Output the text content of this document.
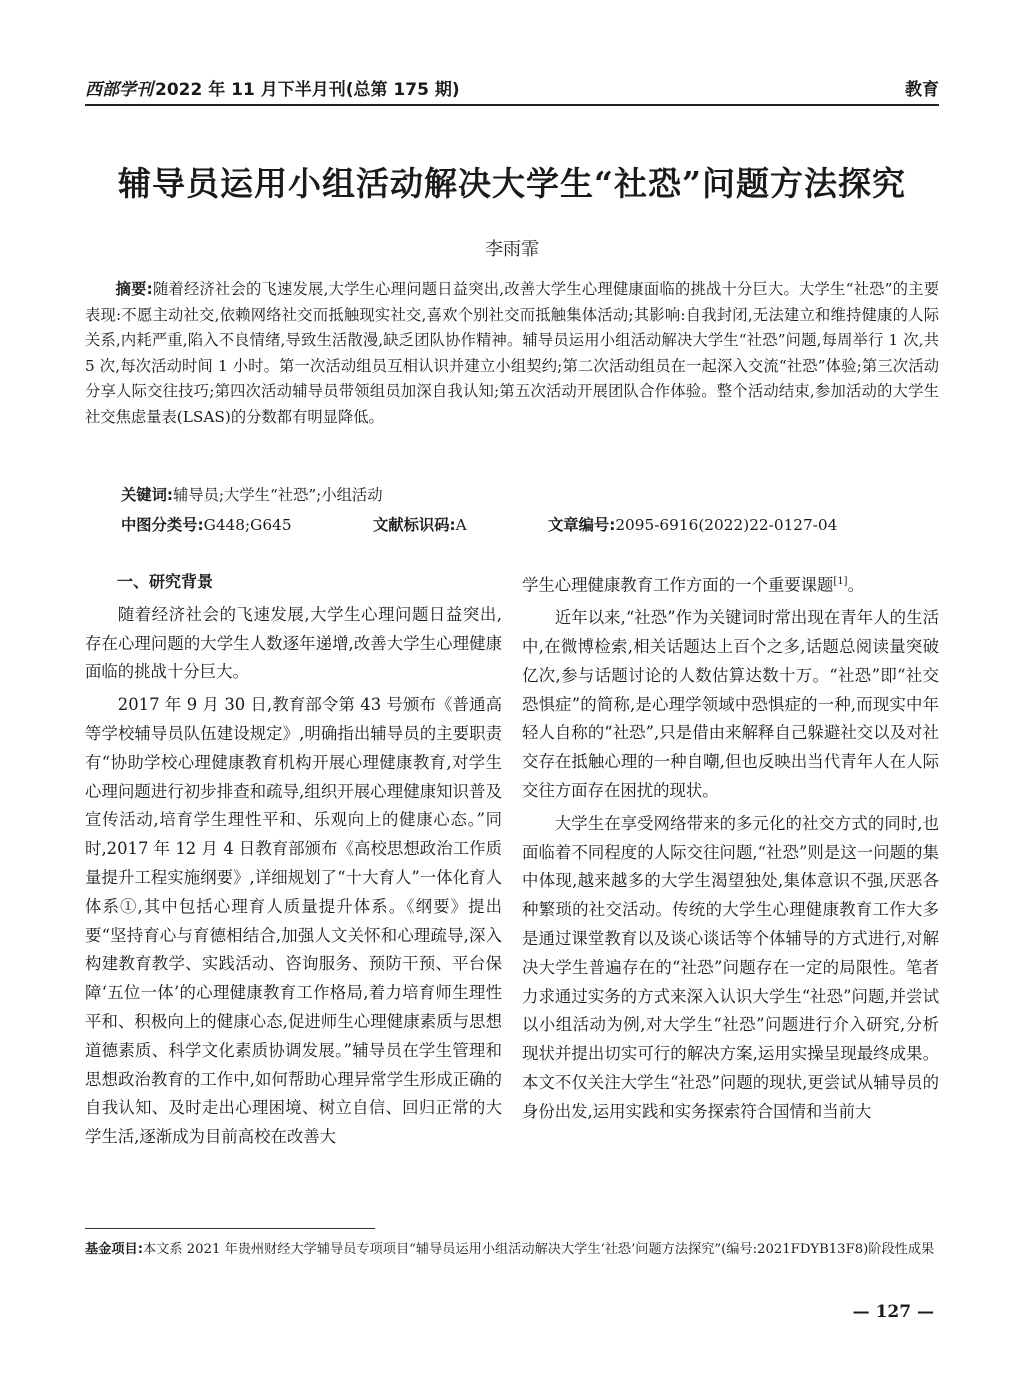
西部学刊 2022 年 11 月下半月刊(总第 175 期)	教育
辅导员运用小组活动解决大学生“社恐”问题方法探究
李雨霏
摘要:随着经济社会的飞速发展,大学生心理问题日益突出,改善大学生心理健康面临的挑战十分巨大。大学生“社恐”的主要表现:不愿主动社交,依赖网络社交而抵触现实社交,喜欢个别社交而抵触集体活动;其影响:自我封闭,无法建立和维持健康的人际关系,内耗严重,陷入不良情绪,导致生活散漫,缺乏团队协作精神。辅导员运用小组活动解决大学生“社恐”问题,每周举行 1 次,共 5 次,每次活动时间 1 小时。第一次活动组员互相认识并建立小组契约;第二次活动组员在一起深入交流“社恐”体验;第三次活动分享人际交往技巧;第四次活动辅导员带领组员加深自我认知;第五次活动开展团队合作体验。整个活动结束,参加活动的大学生社交焦虑量表(LSAS)的分数都有明显降低。
关键词:辅导员;大学生“社恐”;小组活动
中图分类号:G448;G645	文献标识码:A	文章编号:2095-6916(2022)22-0127-04
一、研究背景

随着经济社会的飞速发展,大学生心理问题日益突出,存在心理问题的大学生人数逐年递增,改善大学生心理健康面临的挑战十分巨大。

2017 年 9 月 30 日,教育部令第 43 号颁布《普通高等学校辅导员队伍建设规定》,明确指出辅导员的主要职责有“协助学校心理健康教育机构开展心理健康教育,对学生心理问题进行初步排查和疏导,组织开展心理健康知识普及宣传活动,培育学生理性平和、乐观向上的健康心态。”同时,2017 年 12 月 4 日教育部颁布《高校思想政治工作质量提升工程实施纲要》,详细规划了“十大育人”一体化育人体系①,其中包括心理育人质量提升体系。《纲要》提出要“坚持育心与育德相结合,加强人文关怀和心理疏导,深入构建教育教学、实践活动、咨询服务、预防干预、平台保障‘五位一体’的心理健康教育工作格局,着力培育师生理性平和、积极向上的健康心态,促进师生心理健康素质与思想道德素质、科学文化素质协调发展。”辅导员在学生管理和思想政治教育的工作中,如何帮助心理异常学生形成正确的自我认知、及时走出心理困境、树立自信、回归正常的大学生活,逐渐成为目前高校在改善大

学生心理健康教育工作方面的一个重要课题[1]。

近年以来,“社恐”作为关键词时常出现在青年人的生活中,在微博检索,相关话题达上百个之多,话题总阅读量突破亿次,参与话题讨论的人数估算达数十万。“社恐”即“社交恐惧症”的简称,是心理学领域中恐惧症的一种,而现实中年轻人自称的“社恐”,只是借由来解释自己躲避社交以及对社交存在抵触心理的一种自嘲,但也反映出当代青年人在人际交往方面存在困扰的现状。

大学生在享受网络带来的多元化的社交方式的同时,也面临着不同程度的人际交往问题,“社恐”则是这一问题的集中体现,越来越多的大学生渴望独处,集体意识不强,厌恶各种繁琐的社交活动。传统的大学生心理健康教育工作大多是通过课堂教育以及谈心谈话等个体辅导的方式进行,对解决大学生普遍存在的“社恐”问题存在一定的局限性。笔者力求通过实务的方式来深入认识大学生“社恐”问题,并尝试以小组活动为例,对大学生“社恐”问题进行介入研究,分析现状并提出切实可行的解决方案,运用实操呈现最终成果。本文不仅关注大学生“社恐”问题的现状,更尝试从辅导员的身份出发,运用实践和实务探索符合国情和当前大

基金项目:本文系 2021 年贵州财经大学辅导员专项项目“辅导员运用小组活动解决大学生‘社恐’问题方法探究”(编号:2021FDYB13F8)阶段性成果
— 127 —
